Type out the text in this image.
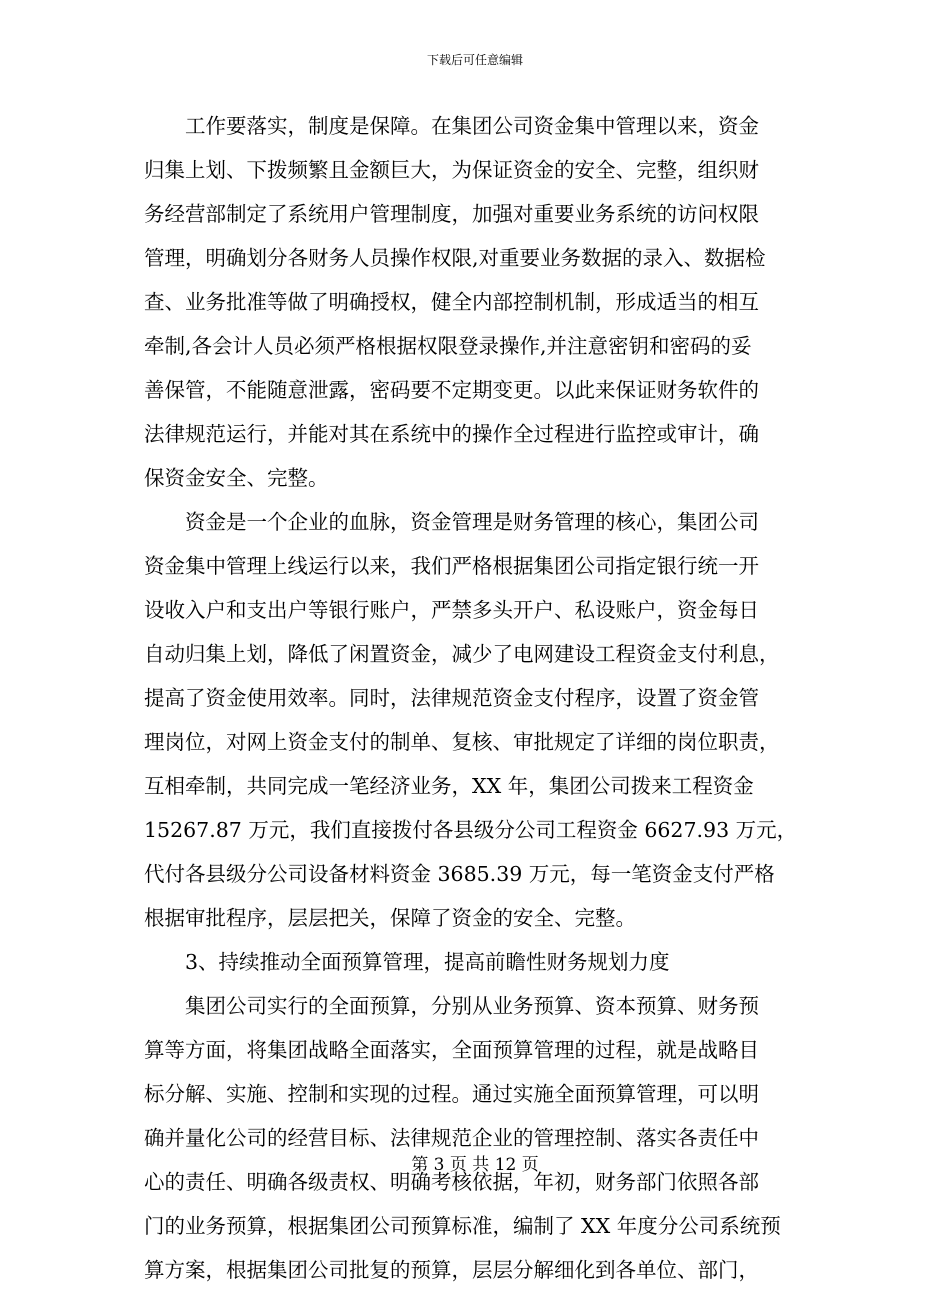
下载后可任意编辑
　　工作要落实，制度是保障。在集团公司资金集中管理以来，资金
归集上划、下拨频繁且金额巨大，为保证资金的安全、完整，组织财
务经营部制定了系统用户管理制度，加强对重要业务系统的访问权限
管理，明确划分各财务人员操作权限,对重要业务数据的录入、数据检
查、业务批准等做了明确授权，健全内部控制机制，形成适当的相互
牵制,各会计人员必须严格根据权限登录操作,并注意密钥和密码的妥
善保管，不能随意泄露，密码要不定期变更。以此来保证财务软件的
法律规范运行，并能对其在系统中的操作全过程进行监控或审计，确
保资金安全、完整。
　　资金是一个企业的血脉，资金管理是财务管理的核心，集团公司
资金集中管理上线运行以来，我们严格根据集团公司指定银行统一开
设收入户和支出户等银行账户，严禁多头开户、私设账户，资金每日
自动归集上划，降低了闲置资金，减少了电网建设工程资金支付利息，
提高了资金使用效率。同时，法律规范资金支付程序，设置了资金管
理岗位，对网上资金支付的制单、复核、审批规定了详细的岗位职责，
互相牵制，共同完成一笔经济业务，XX 年，集团公司拨来工程资金
15267.87 万元，我们直接拨付各县级分公司工程资金 6627.93 万元，
代付各县级分公司设备材料资金 3685.39 万元，每一笔资金支付严格
根据审批程序，层层把关，保障了资金的安全、完整。
　　3、持续推动全面预算管理，提高前瞻性财务规划力度
　　集团公司实行的全面预算，分别从业务预算、资本预算、财务预
算等方面，将集团战略全面落实，全面预算管理的过程，就是战略目
标分解、实施、控制和实现的过程。通过实施全面预算管理，可以明
确并量化公司的经营目标、法律规范企业的管理控制、落实各责任中
心的责任、明确各级责权、明确考核依据，年初，财务部门依照各部
门的业务预算，根据集团公司预算标准，编制了 XX 年度分公司系统预
算方案，根据集团公司批复的预算，层层分解细化到各单位、部门，
第 3 页 共 12 页
